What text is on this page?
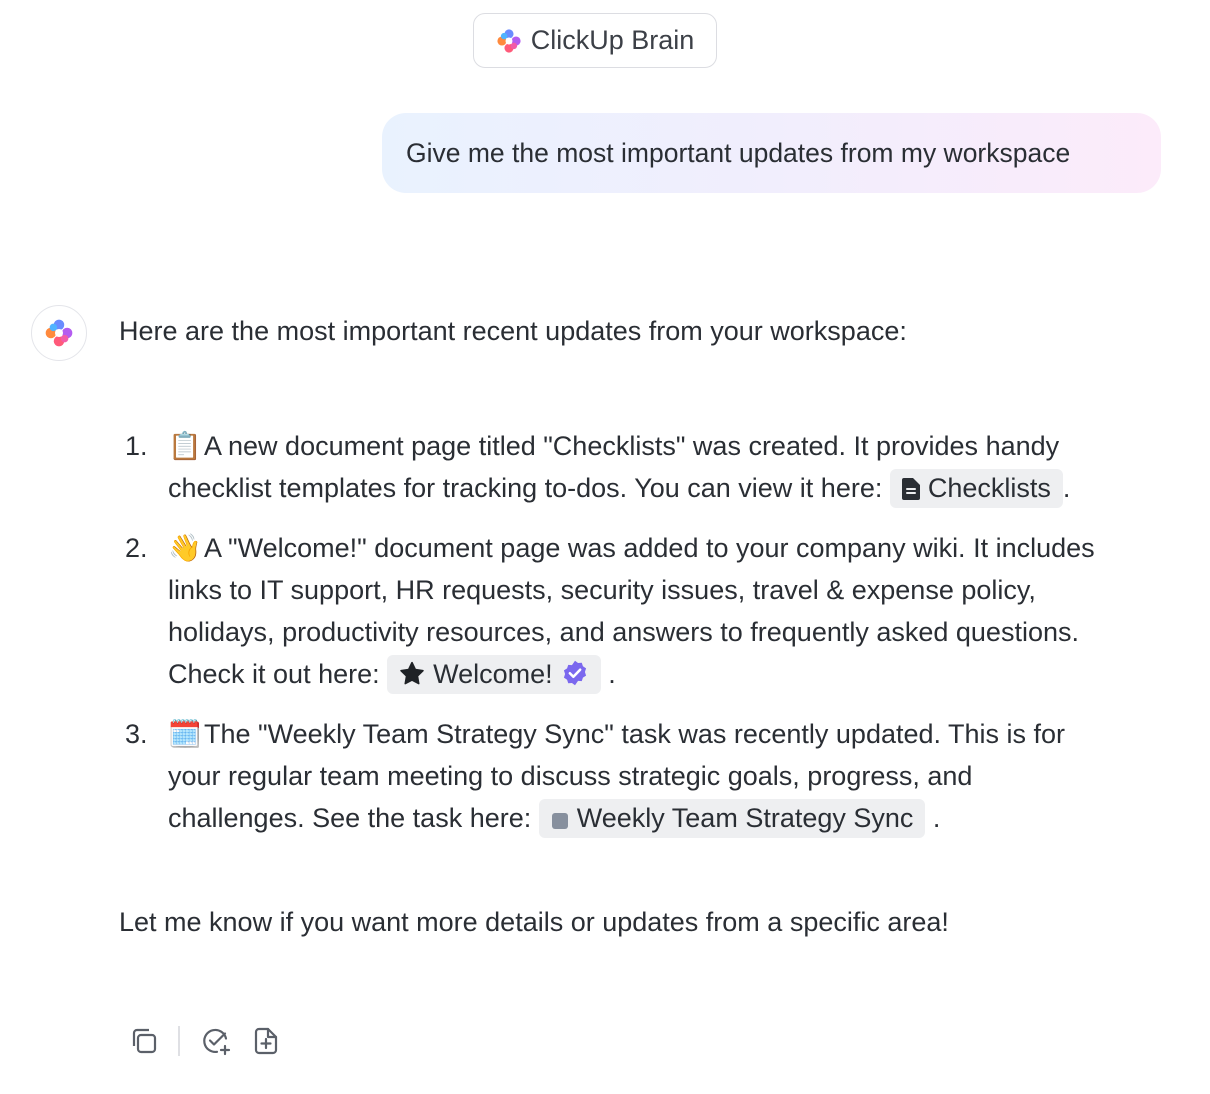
ClickUp Brain
Give me the most important updates from my workspace

Here are the most important recent updates from your workspace:

1. 📋A new document page titled "Checklists" was created. It provides handy checklist templates for tracking to-dos. You can view it here: Checklists .
2. 👋A "Welcome!" document page was added to your company wiki. It includes links to IT support, HR requests, security issues, travel & expense policy, holidays, productivity resources, and answers to frequently asked questions. Check it out here: Welcome! .
3. 🗓️The "Weekly Team Strategy Sync" task was recently updated. This is for your regular team meeting to discuss strategic goals, progress, and challenges. See the task here: Weekly Team Strategy Sync .

Let me know if you want more details or updates from a specific area!
